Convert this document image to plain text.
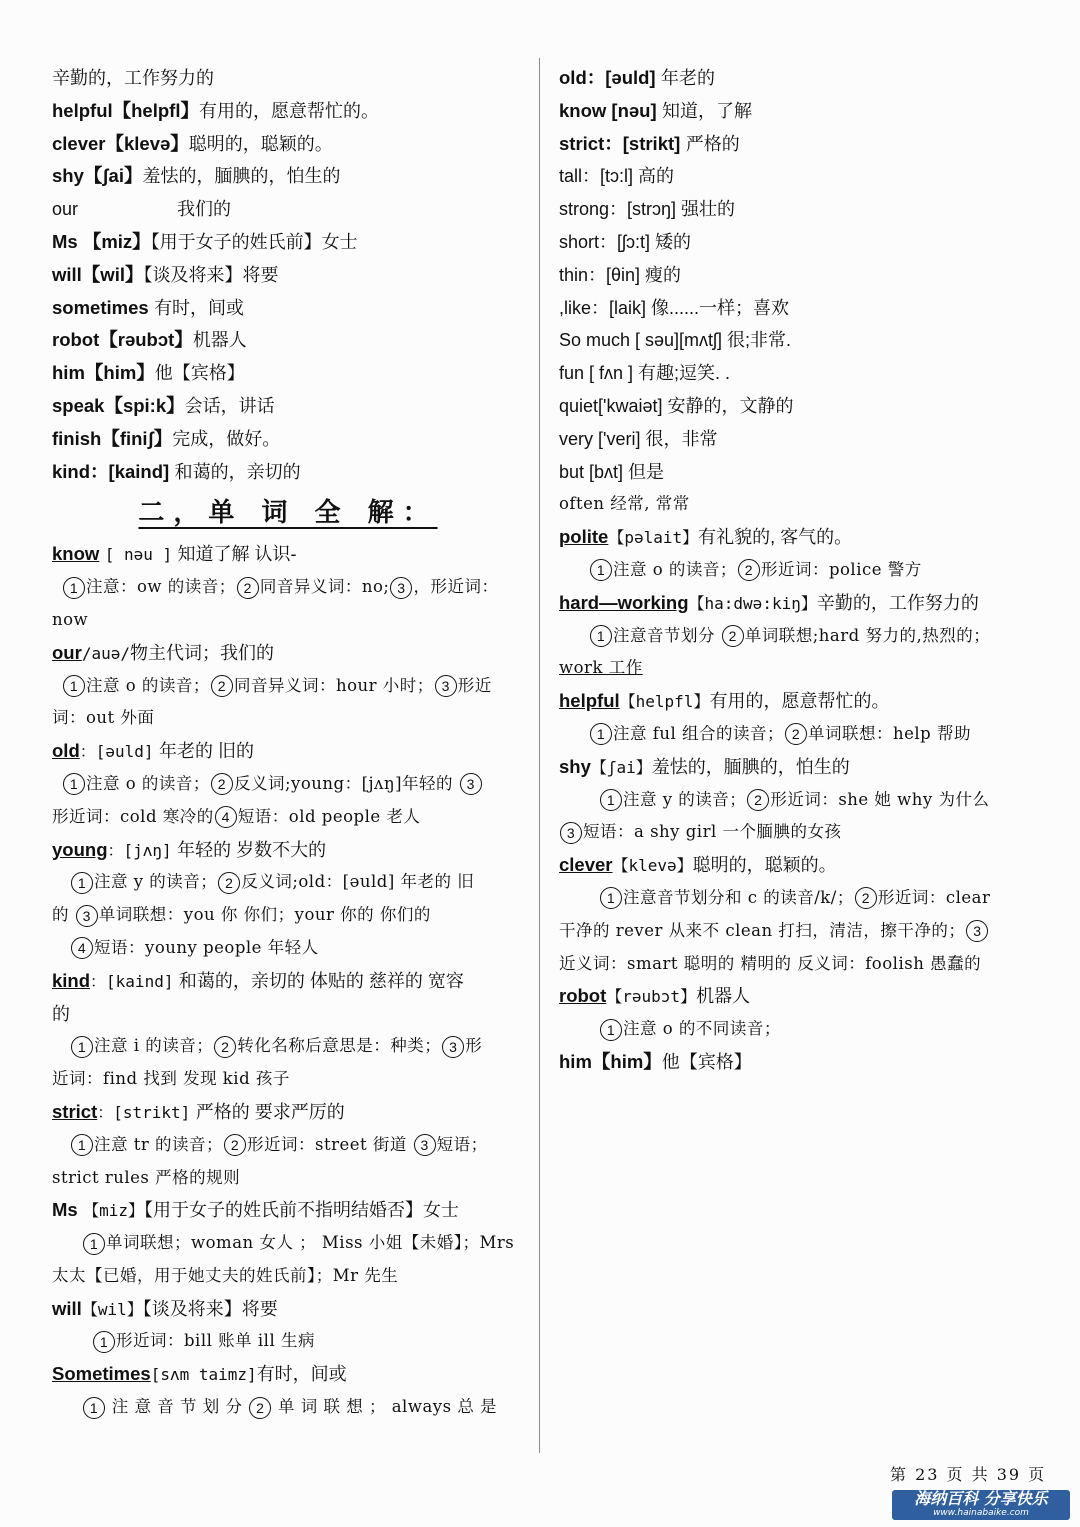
辛勤的，工作努力的
helpful【helpfl】有用的，愿意帮忙的。
clever【klevə】聪明的，聪颖的。
shy【ʃai】羞怯的，腼腆的，怕生的
our	我们的
Ms 【miz】【用于女子的姓氏前】女士
will【wil】【谈及将来】将要
sometimes 有时，间或
robot【rəubɔt】机器人
him【him】他【宾格】
speak【spi:k】会话，讲话
finish【finiʃ】完成，做好。
kind：[kaind] 和蔼的，亲切的
二，单 词 全 解：
know [ nəu ] 知道了解 认识-
1 注意：ow 的读音； 2 同音异义词：no; 3 ，形近词：
now
our/auə/物主代词；我们的
1 注意 o 的读音； 2 同音异义词：hour 小时； 3 形近
词：out 外面
old：[əuld] 年老的 旧的
1 注意 o 的读音； 2 反义词;young：[jʌŋ]年轻的 3
形近词：cold 寒冷的 4 短语：old people 老人
young：[jʌŋ] 年轻的 岁数不大的
1 注意 y 的读音； 2 反义词;old：[əuld] 年老的 旧
的 3 单词联想：you 你 你们；your 你的 你们的
4 短语：youny people 年轻人
kind：[kaind] 和蔼的，亲切的 体贴的 慈祥的 宽容
的
1 注意 i 的读音； 2 转化名称后意思是：种类； 3 形
近词：find 找到 发现 kid 孩子
strict：[strikt] 严格的 要求严厉的
1 注意 tr 的读音； 2 形近词：street 街道 3 短语；
strict rules 严格的规则
Ms 【miz】【用于女子的姓氏前不指明结婚否】女士
1 单词联想；woman 女人 ； Miss 小姐【未婚】；Mrs
太太【已婚，用于她丈夫的姓氏前】；Mr 先生
will【wil】【谈及将来】将要
1 形近词：bill 账单 ill 生病
Sometimes[sʌm taimz]有时，间或
1 注 意 音 节 划 分 2 单 词 联 想 ； always 总 是
old：[əuld] 年老的
know [nəu] 知道，了解
strict：[strikt] 严格的
tall：[tɔ:l] 高的
strong：[strɔŋ] 强壮的
short：[ʃɔ:t] 矮的
thin：[θin] 瘦的
,like：[laik] 像......一样；喜欢
So much [ səu][mʌtʃ] 很;非常.
fun [ fʌn ] 有趣;逗笑. .
quiet['kwaiət] 安静的，文静的
very ['veri] 很，非常
but [bʌt] 但是
often 经常, 常常
polite【pəlait】有礼貌的, 客气的。
1 注意 o 的读音； 2 形近词：police 警方
hard—working【ha:dwə:kiŋ】辛勤的，工作努力的
1 注意音节划分 2 单词联想;hard 努力的,热烈的；
work 工作
helpful【helpfl】有用的，愿意帮忙的。
1 注意 ful 组合的读音； 2 单词联想：help 帮助
shy【ʃai】羞怯的，腼腆的，怕生的
1 注意 y 的读音； 2 形近词：she 她 why 为什么
3 短语：a shy girl 一个腼腆的女孩
clever【klevə】聪明的，聪颖的。
1 注意音节划分和 c 的读音/k/； 2 形近词：clear
干净的 rever 从来不 clean 打扫，清洁，擦干净的； 3
近义词：smart 聪明的 精明的 反义词：foolish 愚蠢的
robot【rəubɔt】机器人
1 注意 o 的不同读音；
him【him】他【宾格】
第 23 页 共 39 页
海纳百科 分享快乐
www.hainabaike.com
